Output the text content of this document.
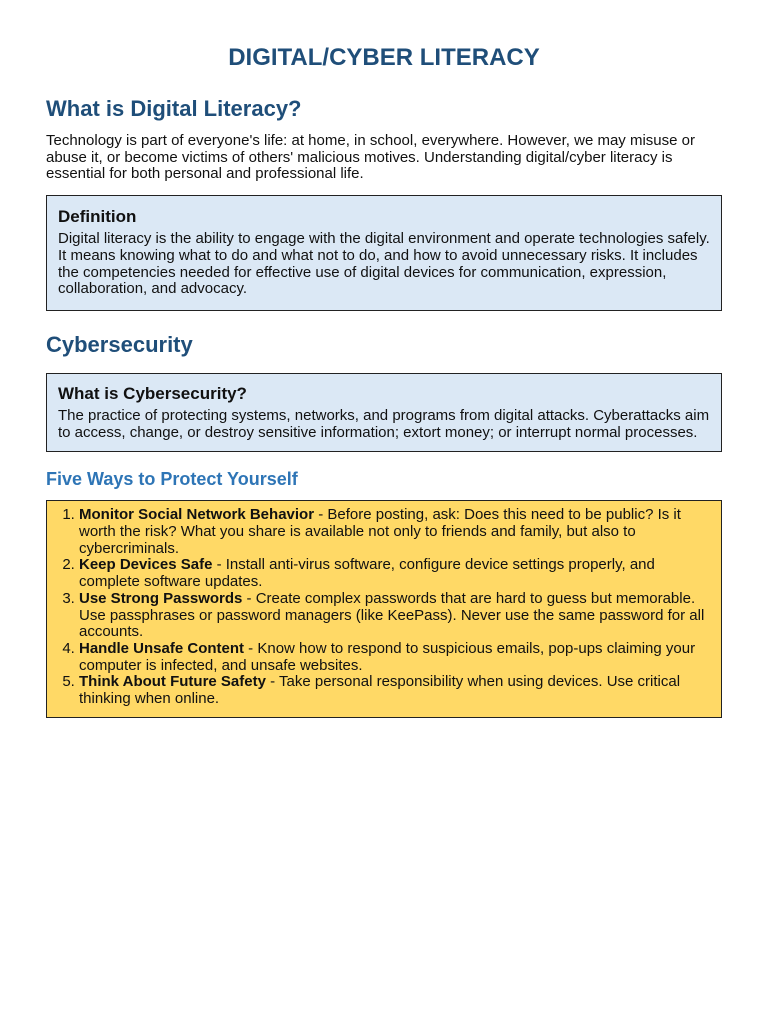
DIGITAL/CYBER LITERACY
What is Digital Literacy?

Technology is part of everyone's life: at home, in school, everywhere. However, we may misuse or abuse it, or become victims of others' malicious motives. Understanding digital/cyber literacy is essential for both personal and professional life.

Definition

Digital literacy is the ability to engage with the digital environment and operate technologies safely. It means knowing what to do and what not to do, and how to avoid unnecessary risks. It includes the competencies needed for effective use of digital devices for communication, expression, collaboration, and advocacy.

Cybersecurity
What is Cybersecurity?

The practice of protecting systems, networks, and programs from digital attacks. Cyberattacks aim to access, change, or destroy sensitive information; extort money; or interrupt normal processes.

Five Ways to Protect Yourself
1. Monitor Social Network Behavior - Before posting, ask: Does this need to be public? Is it worth the risk? What you share is available not only to friends and family, but also to cybercriminals.
2. Keep Devices Safe - Install anti-virus software, configure device settings properly, and complete software updates.
3. Use Strong Passwords - Create complex passwords that are hard to guess but memorable. Use passphrases or password managers (like KeePass). Never use the same password for all accounts.
4. Handle Unsafe Content - Know how to respond to suspicious emails, pop-ups claiming your computer is infected, and unsafe websites.
5. Think About Future Safety - Take personal responsibility when using devices. Use critical thinking when online.
